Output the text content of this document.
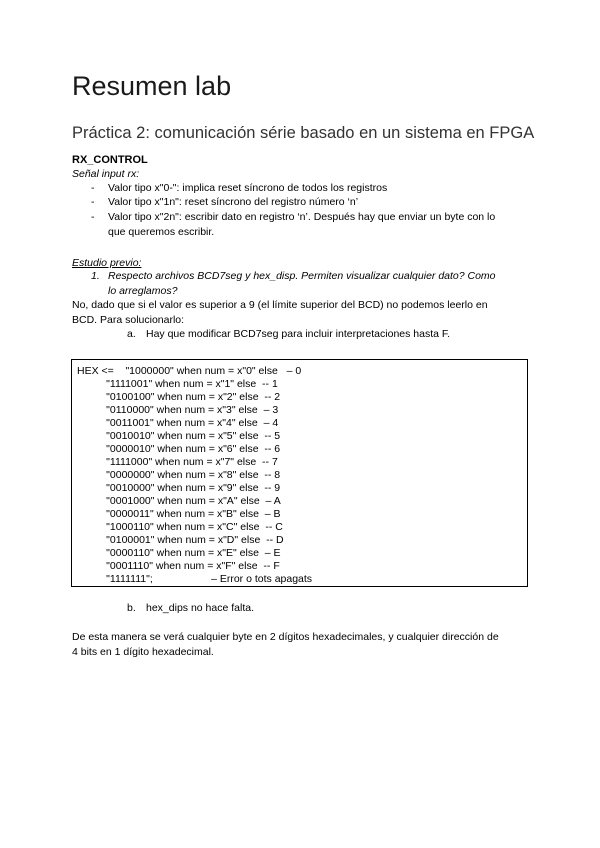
Resumen lab
Práctica 2: comunicación sérіe basado en un sistema en FPGA
RX_CONTROL
Señal input rx:
- Valor tipo x"0-": implica reset síncrono de todos los registros
- Valor tipo x"1n": reset síncrono del registro número ‘n’
- Valor tipo x"2n": escribir dato en registro ‘n’. Después hay que enviar un byte con lo
que queremos escribir.
Estudio previo:
1. Respecto archivos BCD7seg y hex_disp. Permiten visualizar cualquier dato? Como
lo arreglamos?
No, dado que si el valor es superior a 9 (el límite superior del BCD) no podemos leerlo en
BCD. Para solucionarlo:
a. Hay que modificar BCD7seg para incluir interpretaciones hasta F.
HEX <=    "1000000" when num = x"0" else   – 0
"1111001" when num = x"1" else  -- 1
"0100100" when num = x"2" else  -- 2
"0110000" when num = x"3" else  – 3
"0011001" when num = x"4" else  – 4
"0010010" when num = x"5" else  -- 5
"0000010" when num = x"6" else  -- 6
"1111000" when num = x"7" else  -- 7
"0000000" when num = x"8" else  -- 8
"0010000" when num = x"9" else  -- 9
"0001000" when num = x"A" else  – A
"0000011" when num = x"B" else  – B
"1000110" when num = x"C" else  -- C
"0100001" when num = x"D" else  -- D
"0000110" when num = x"E" else  – E
"0001110" when num = x"F" else  -- F
"1111111";                    – Error o tots apagats
b. hex_dips no hace falta.
De esta manera se verá cualquier byte en 2 dígitos hexadecimales, y cualquier dirección de
4 bits en 1 dígito hexadecimal.
